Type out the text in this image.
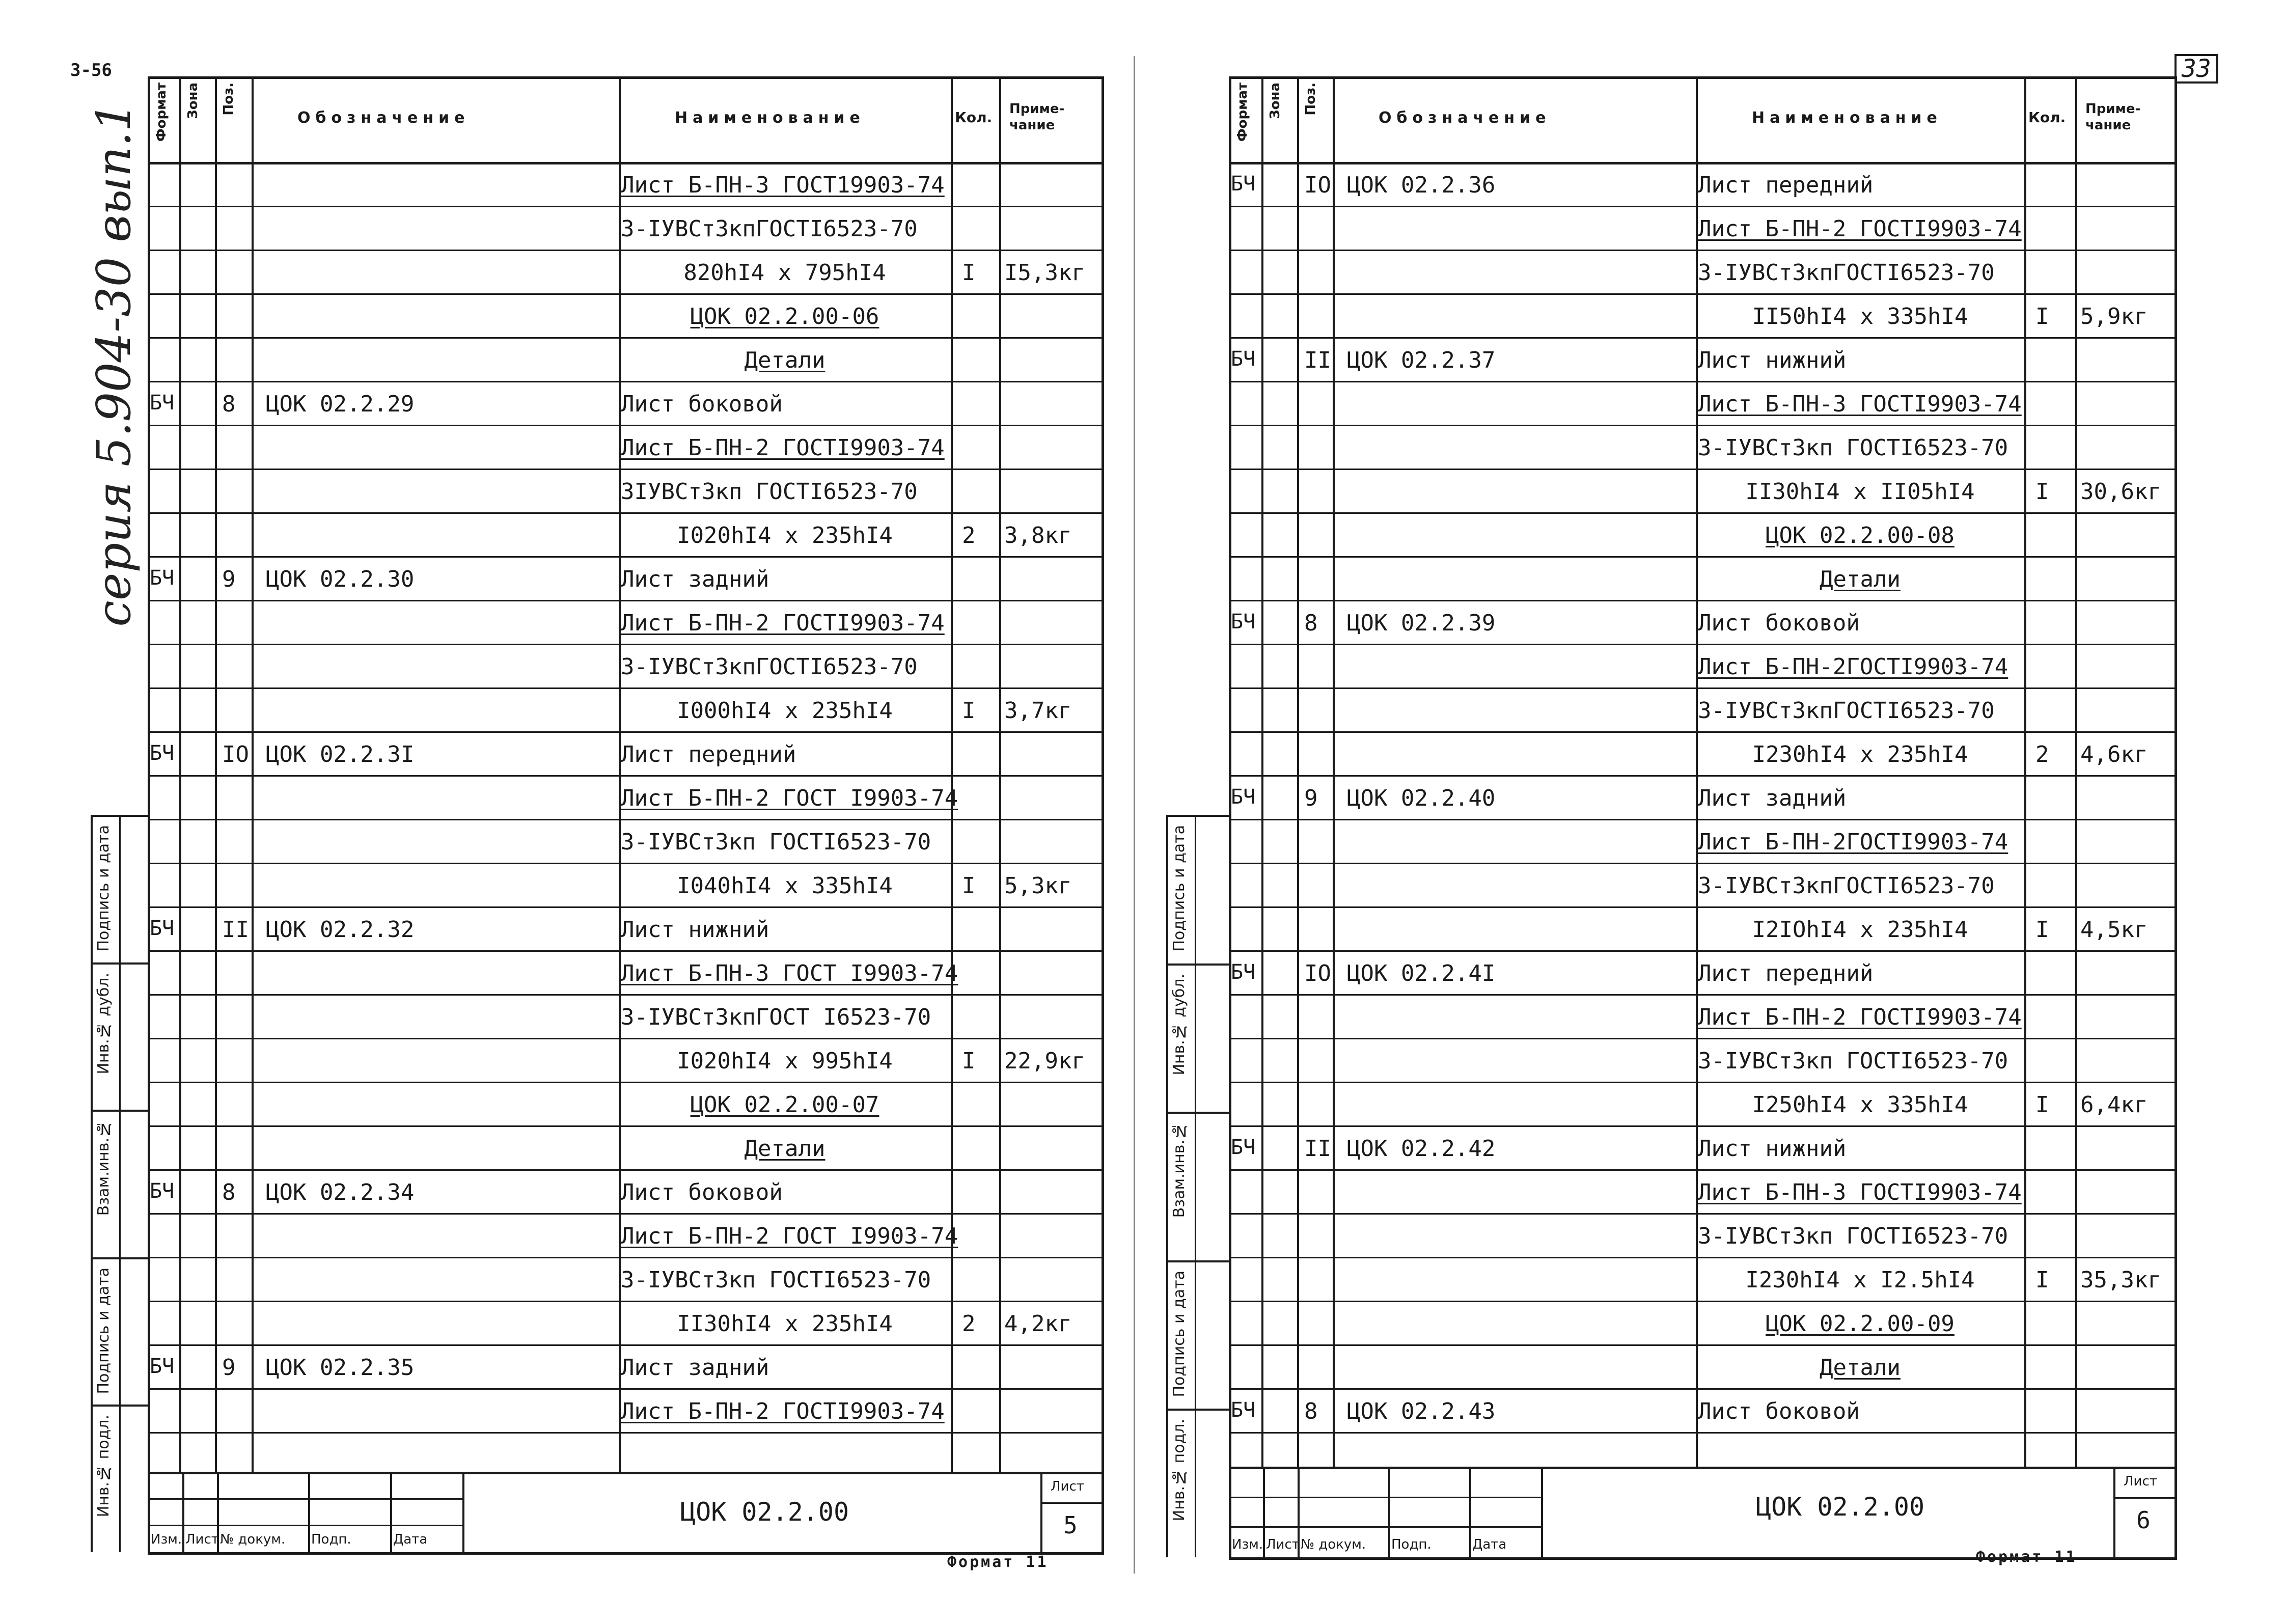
3-56	33
серия 5.904-30 вып.1 Формат Зона Поз.
Обозначение	Наименование	Кол. Приме-чание
Лист Б-ПН-3 ГОСТ19903-74
3-IУВСтЗкпГОСТI6523-70
820hI4 x 795hI4	I I5,3кг
ЦОК 02.2.00-06
Детали
БЧ 8 ЦОК 02.2.29	Лист боковой
Лист Б-ПН-2 ГОСТI9903-74
3IУВСтЗкп ГОСТI6523-70
I020hI4 x 235hI4	2 3,8кг
БЧ 9 ЦОК 02.2.30	Лист задний
Лист Б-ПН-2 ГОСТI9903-74
3-IУВСтЗкпГОСТI6523-70
I000hI4 x 235hI4	I 3,7кг
БЧ IO ЦОК 02.2.3I	Лист передний
Лист Б-ПН-2 ГОСТ I9903-74
3-IУВСтЗкп ГОСТI6523-70
I040hI4 x 335hI4	I 5,3кг
БЧ II ЦОК 02.2.32	Лист нижний
Лист Б-ПН-3 ГОСТ I9903-74
3-IУВСтЗкпГОСТ I6523-70
I020hI4 x 995hI4	I 22,9кг
ЦОК 02.2.00-07
Детали
БЧ 8 ЦОК 02.2.34	Лист боковой
Лист Б-ПН-2 ГОСТ I9903-74
3-IУВСтЗкп ГОСТI6523-70
II30hI4 x 235hI4	2 4,2кг
БЧ 9 ЦОК 02.2.35	Лист задний
Лист Б-ПН-2 ГОСТI9903-74
Изм. Лист № докум. Подп.	Дата
Лист
5
ЦОК 02.2.00
Подпись и дата
Инв.№ дубл.
Взам.инв.№
Подпись и дата
Инв.№ подл.
Формат Зона Поз.
Обозначение	Наименование	Кол. Приме-чание
БЧ IO ЦОК 02.2.36	Лист передний
Лист Б-ПН-2 ГОСТI9903-74
3-IУВСтЗкпГОСТI6523-70
II50hI4 x 335hI4	I 5,9кг
БЧ II ЦОК 02.2.37	Лист нижний
Лист Б-ПН-3 ГОСТI9903-74
3-IУВСтЗкп ГОСТI6523-70
II30hI4 x II05hI4	I 30,6кг
ЦОК 02.2.00-08
Детали
БЧ 8 ЦОК 02.2.39	Лист боковой
Лист Б-ПН-2ГОСТI9903-74
3-IУВСтЗкпГОСТI6523-70
I230hI4 x 235hI4	2 4,6кг
БЧ 9 ЦОК 02.2.40	Лист задний
Лист Б-ПН-2ГОСТI9903-74
3-IУВСтЗкпГОСТI6523-70
I2IOhI4 x 235hI4	I 4,5кг
БЧ IO ЦОК 02.2.4I	Лист передний
Лист Б-ПН-2 ГОСТI9903-74
3-IУВСтЗкп ГОСТI6523-70
I250hI4 x 335hI4	I 6,4кг
БЧ II ЦОК 02.2.42	Лист нижний
Лист Б-ПН-3 ГОСТI9903-74
3-IУВСтЗкп ГОСТI6523-70
I230hI4 x I2.5hI4	I 35,3кг
ЦОК 02.2.00-09
Детали
БЧ 8 ЦОК 02.2.43	Лист боковой
Изм. Лист № докум. Подп.	Дата
Лист
6
ЦОК 02.2.00
Подпись и дата
Инв.№ дубл.
Взам.инв.№
Подпись и дата
Инв.№ подл.
Формат 11	Формат 11
